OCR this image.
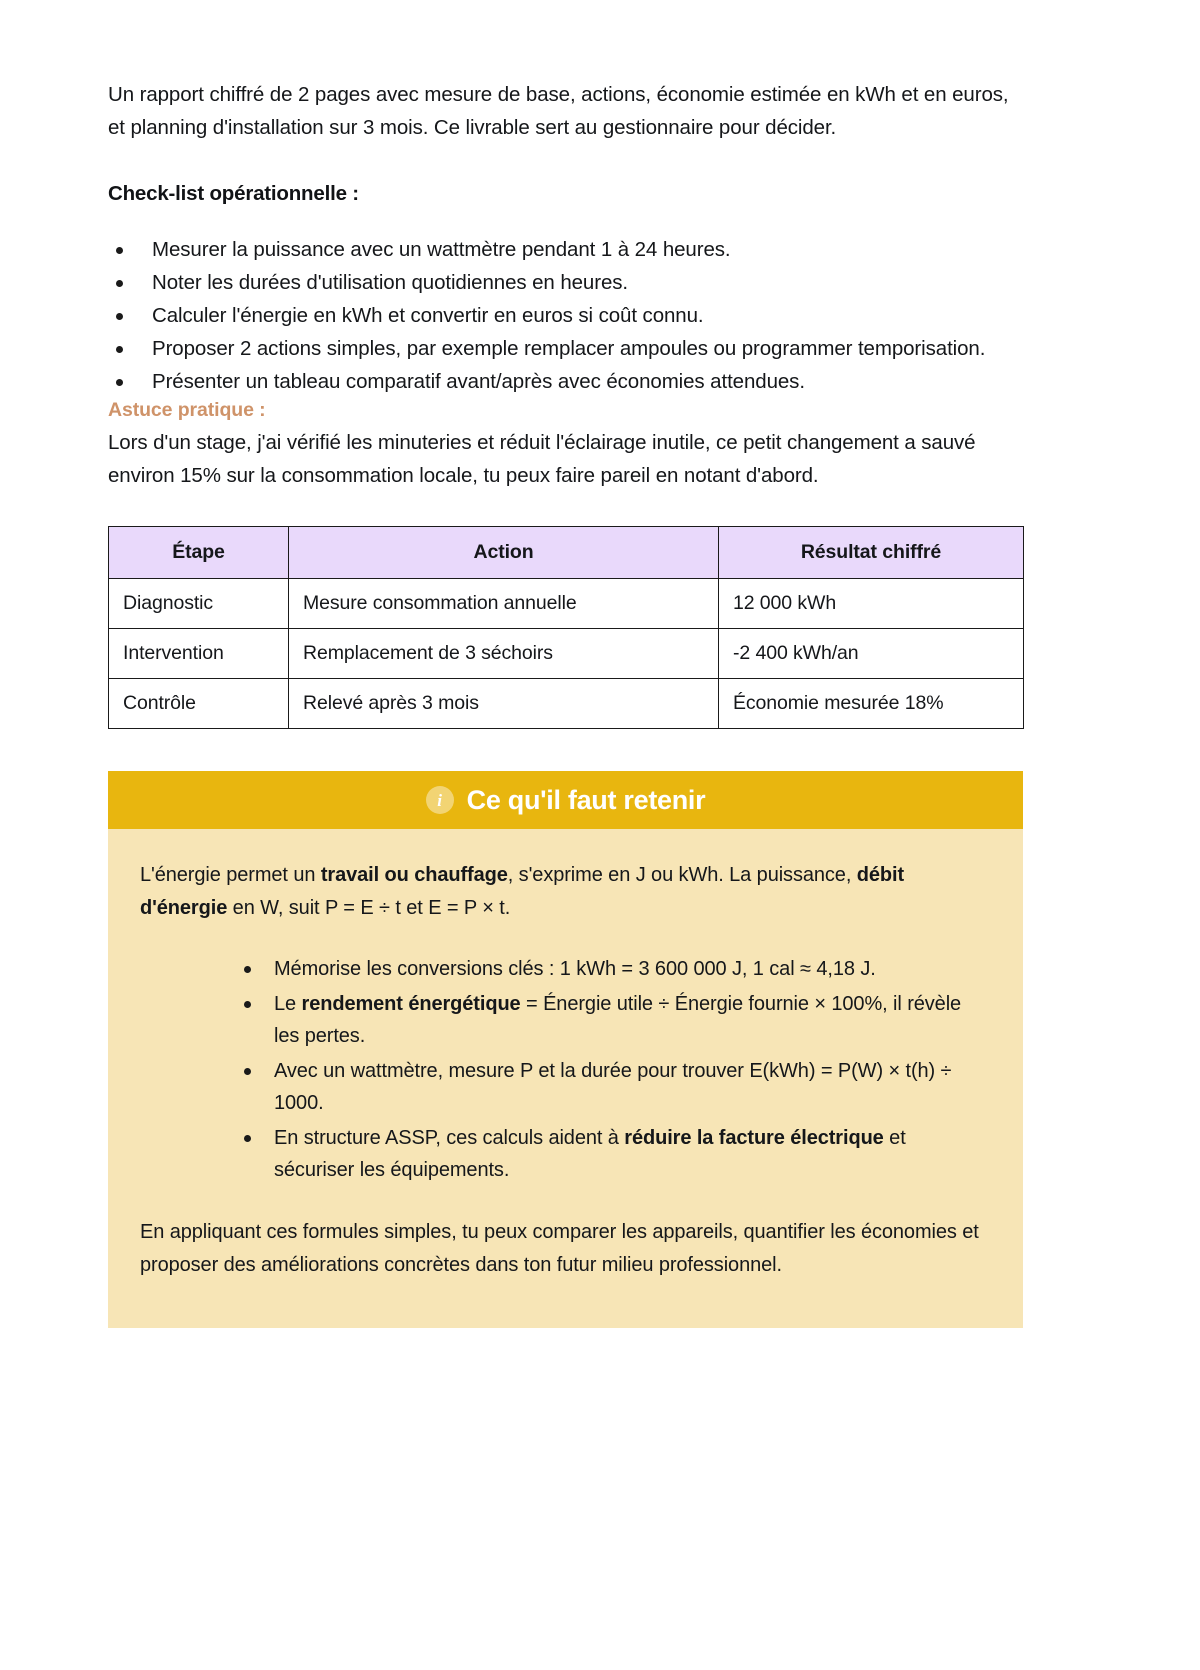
Un rapport chiffré de 2 pages avec mesure de base, actions, économie estimée en kWh et en euros, et planning d'installation sur 3 mois. Ce livrable sert au gestionnaire pour décider.

Check-list opérationnelle :

Mesurer la puissance avec un wattmètre pendant 1 à 24 heures.
Noter les durées d'utilisation quotidiennes en heures.
Calculer l'énergie en kWh et convertir en euros si coût connu.
Proposer 2 actions simples, par exemple remplacer ampoules ou programmer temporisation.
Présenter un tableau comparatif avant/après avec économies attendues.

Astuce pratique :

Lors d'un stage, j'ai vérifié les minuteries et réduit l'éclairage inutile, ce petit changement a sauvé environ 15% sur la consommation locale, tu peux faire pareil en notant d'abord.

Étape	Action	Résultat chiffré
Diagnostic	Mesure consommation annuelle	12 000 kWh
Intervention	Remplacement de 3 séchoirs	-2 400 kWh/an
Contrôle	Relevé après 3 mois	Économie mesurée 18%
i Ce qu'il faut retenir

L'énergie permet un travail ou chauffage, s'exprime en J ou kWh. La puissance, débit d'énergie en W, suit P = E ÷ t et E = P × t.

Mémorise les conversions clés : 1 kWh = 3 600 000 J, 1 cal ≈ 4,18 J.
Le rendement énergétique = Énergie utile ÷ Énergie fournie × 100%, il révèle les pertes.
Avec un wattmètre, mesure P et la durée pour trouver E(kWh) = P(W) × t(h) ÷ 1000.
En structure ASSP, ces calculs aident à réduire la facture électrique et sécuriser les équipements.

En appliquant ces formules simples, tu peux comparer les appareils, quantifier les économies et proposer des améliorations concrètes dans ton futur milieu professionnel.
